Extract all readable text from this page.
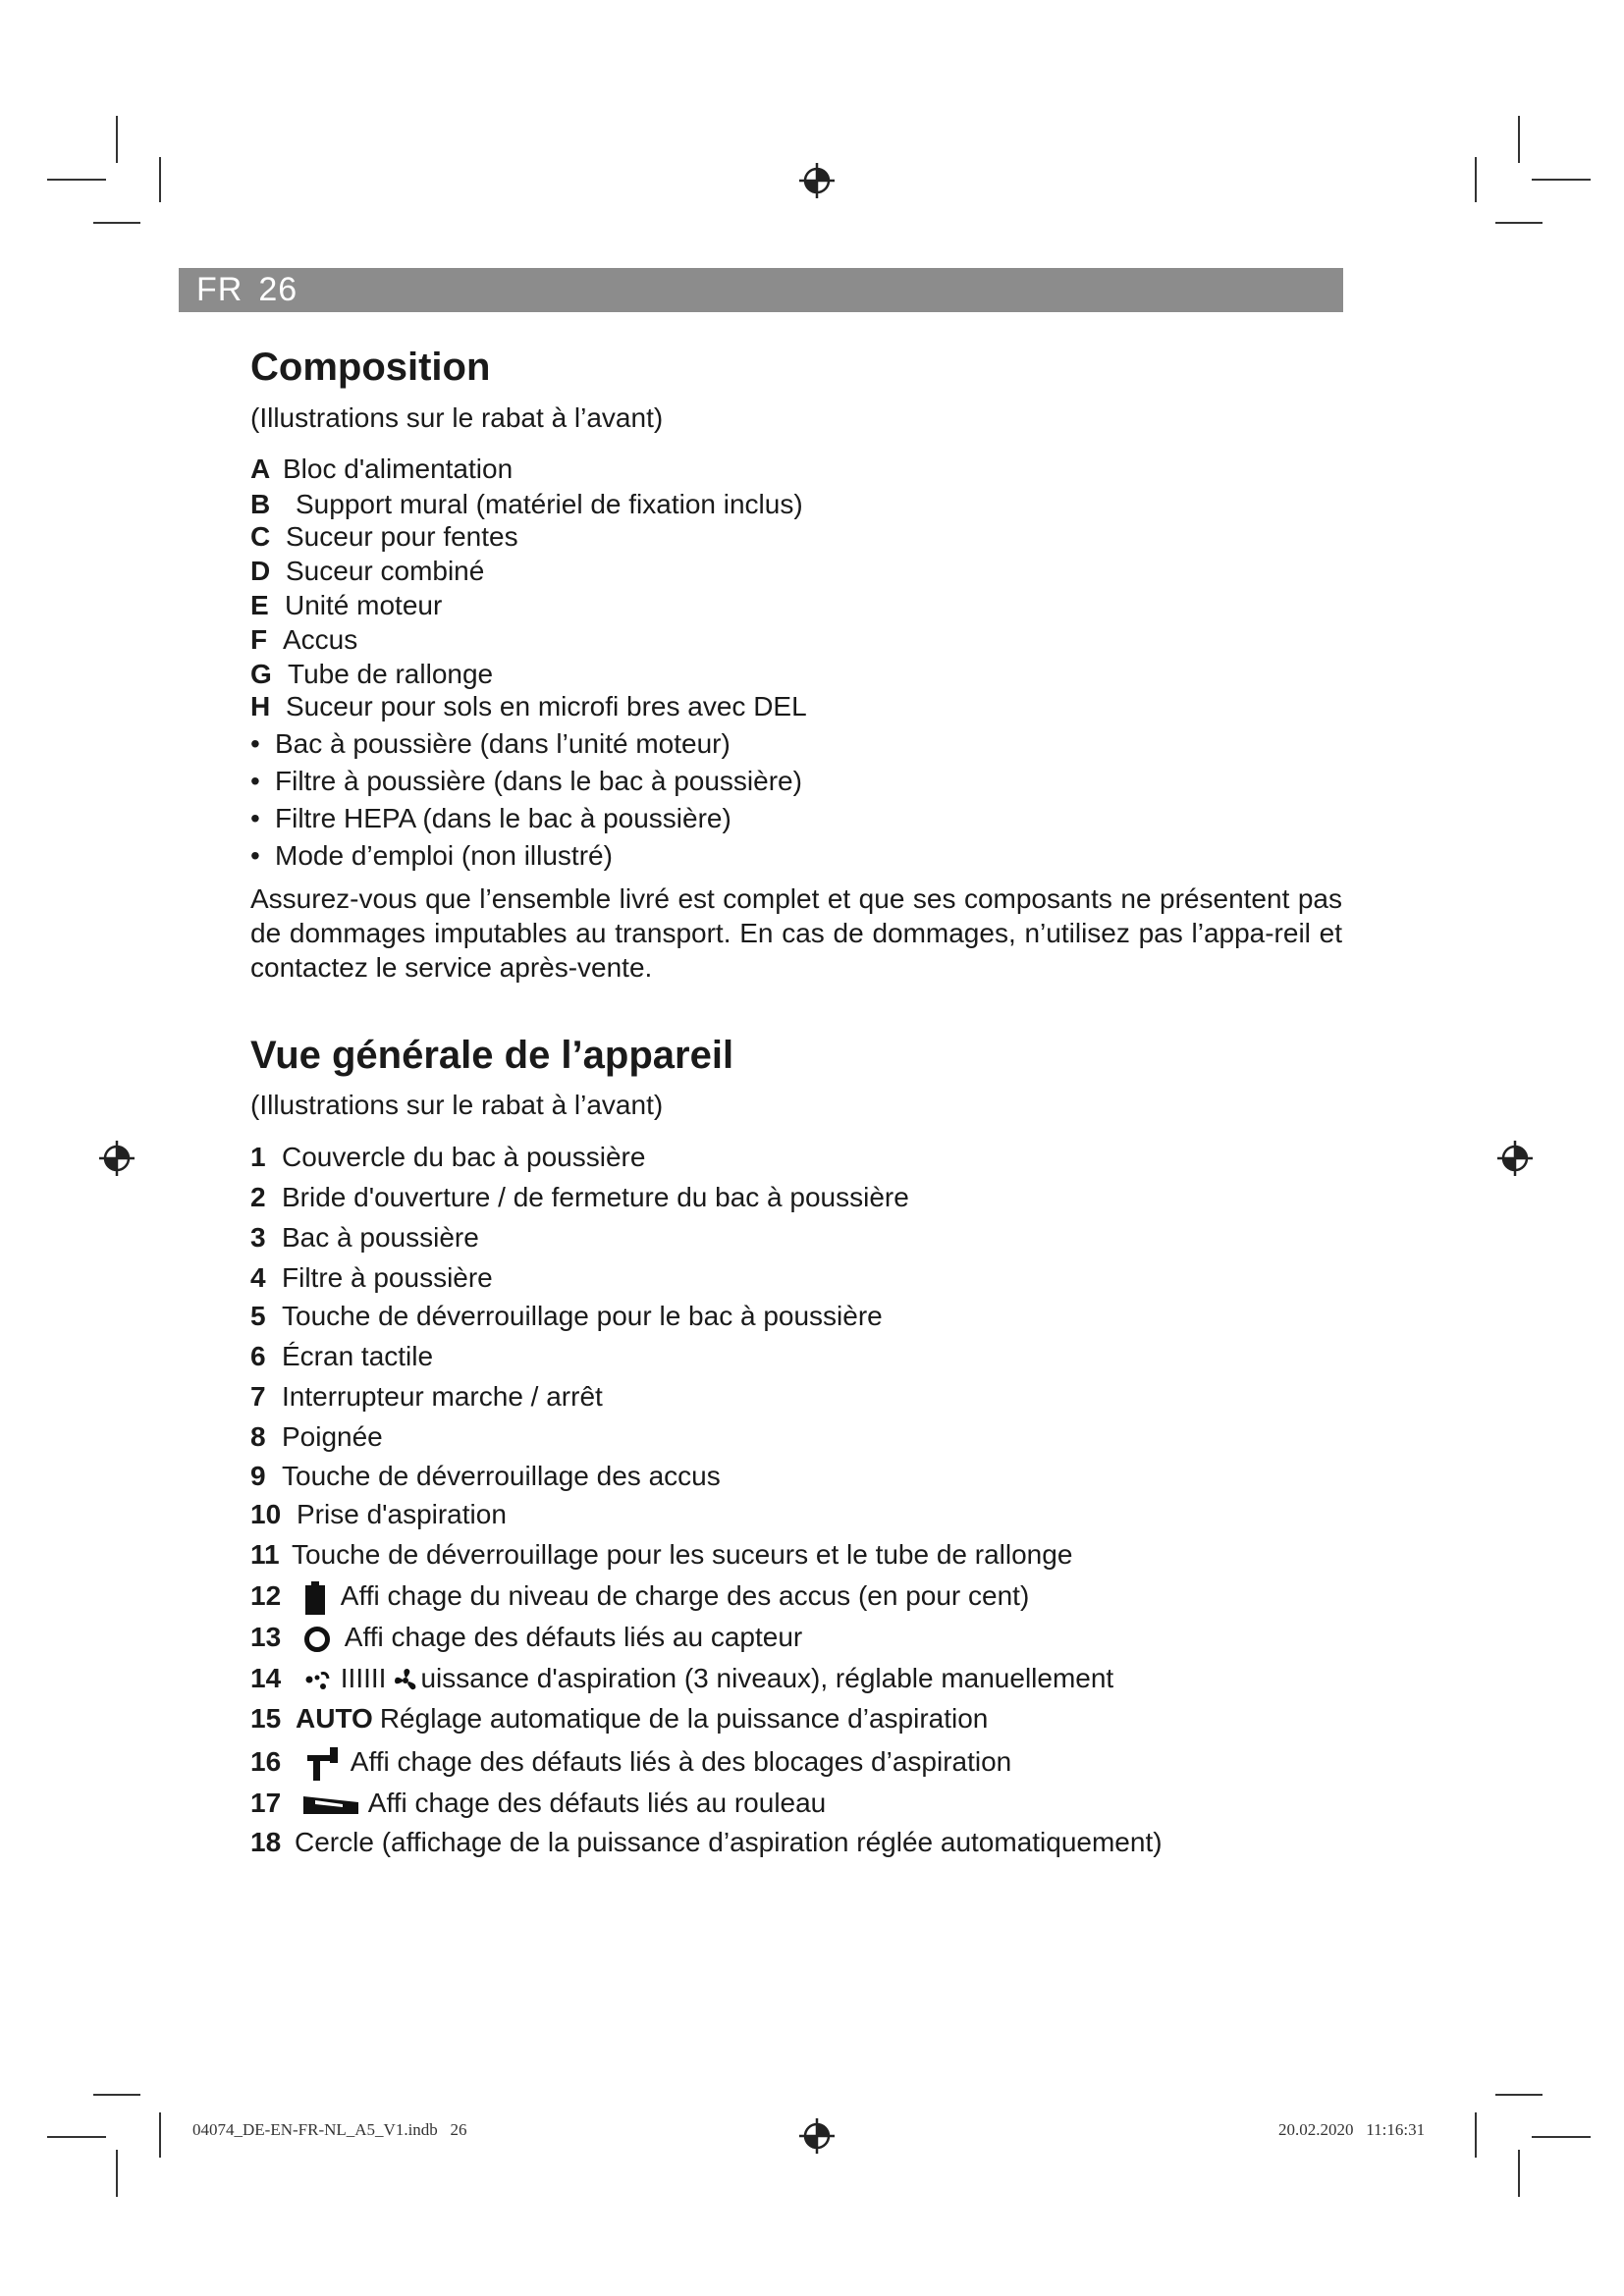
FR 26
Composition
(Illustrations sur le rabat à l’avant)
A Bloc d'alimentation
B Support mural (matériel de fixation inclus)
C Suceur pour fentes
D Suceur combiné
E Unité moteur
F Accus
G Tube de rallonge
H Suceur pour sols en microfi bres avec DEL
• Bac à poussière (dans l’unité moteur)
• Filtre à poussière (dans le bac à poussière)
• Filtre HEPA (dans le bac à poussière)
• Mode d’emploi (non illustré)
Assurez-vous que l’ensemble livré est complet et que ses composants ne présentent pas de dommages imputables au transport. En cas de dommages, n’utilisez pas l’appa-reil et contactez le service après-vente.
Vue générale de l’appareil
(Illustrations sur le rabat à l’avant)
1 Couvercle du bac à poussière
2 Bride d'ouverture / de fermeture du bac à poussière
3 Bac à poussière
4 Filtre à poussière
5 Touche de déverrouillage pour le bac à poussière
6 Écran tactile
7 Interrupteur marche / arrêt
8 Poignée
9 Touche de déverrouillage des accus
10 Prise d'aspiration
11 Touche de déverrouillage pour les suceurs et le tube de rallonge
12 Affi chage du niveau de charge des accus (en pour cent)
13 Affi chage des défauts liés au capteur
14 IIIIII uissance d'aspiration (3 niveaux), réglable manuellement
15 AUTO Réglage automatique de la puissance d’aspiration
16	Affi chage des défauts liés à des blocages d’aspiration
17	Affi chage des défauts liés au rouleau
18 Cercle (affichage de la puissance d’aspiration réglée automatiquement)
04074_DE-EN-FR-NL_A5_V1.indb   26	20.02.2020   11:16:31
